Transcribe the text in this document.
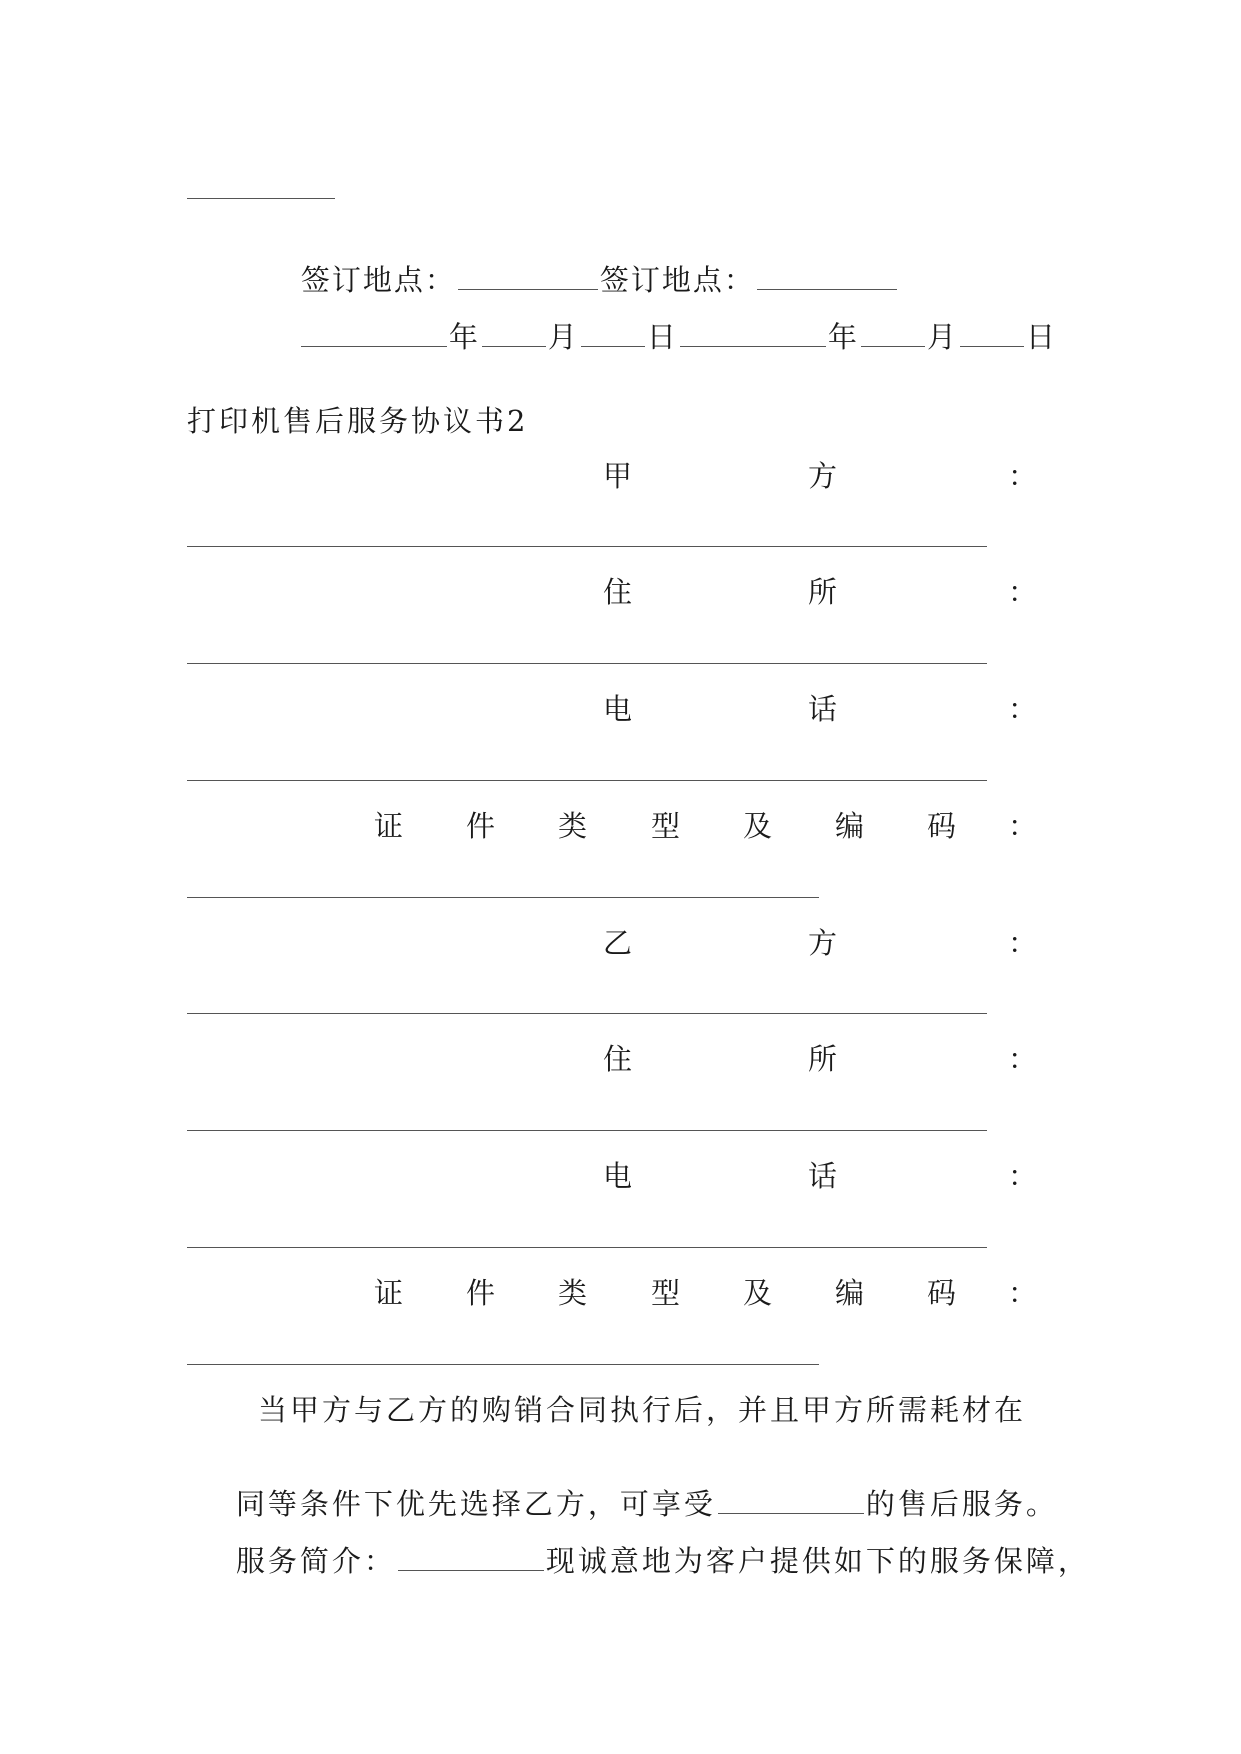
签订地点：	签订地点：

年 月 日	年 月 日

打印机售后服务协议书2
甲	方	：
住	所	：
电	话	：
证 件 类 型 及 编 码 ：
乙	方	：
住	所	：
电	话	：
证 件 类 型 及 编 码 ：
当甲方与乙方的购销合同执行后，并且甲方所需耗材在

同等条件下优先选择乙方，可享受	的售后服务。

服务简介：	现诚意地为客户提供如下的服务保障，
